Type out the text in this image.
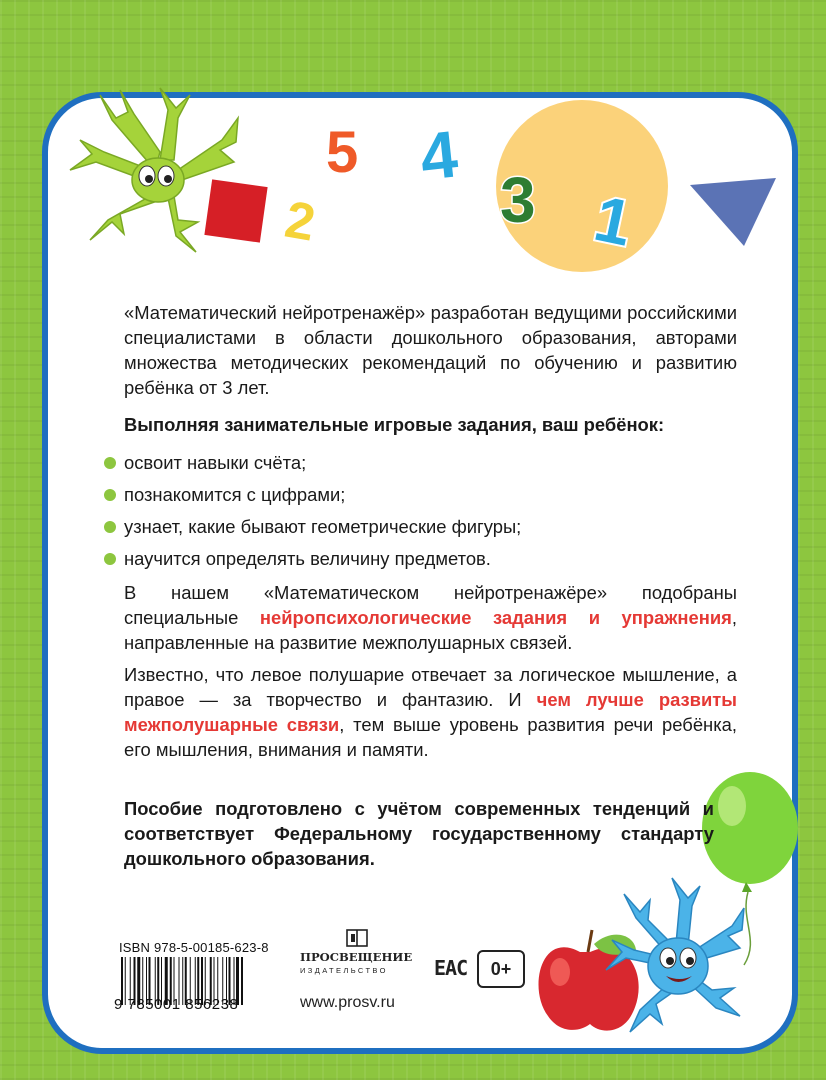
5 4
3
2	1
«Математический нейротренажёр» разработан ведущими российскими специалистами в области дошкольного образования, авторами множества методических рекомендаций по обучению и развитию ребёнка от 3 лет.
Выполняя занимательные игровые задания, ваш ребёнок:
освоит навыки счёта;
познакомится с цифрами;
узнает, какие бывают геометрические фигуры;
научится определять величину предметов.
В нашем «Математическом нейротренажёре» подобраны специальные нейропсихологические задания и упражнения, направленные на развитие межполушарных связей.
Известно, что левое полушарие отвечает за логическое мышление, а правое — за творчество и фантазию. И чем лучше развиты межполушарные связи, тем выше уровень развития речи ребёнка, его мышления, внимания и памяти.
Пособие подготовлено с учётом современных тенденций и соответствует Федеральному государственному стандарту дошкольного образования.
ISBN 978-5-00185-623-8
9 785001 856238
ПРОСВЕЩЕНИЕ
ИЗДАТЕЛЬСТВО
www.prosv.ru
EAC	0+
